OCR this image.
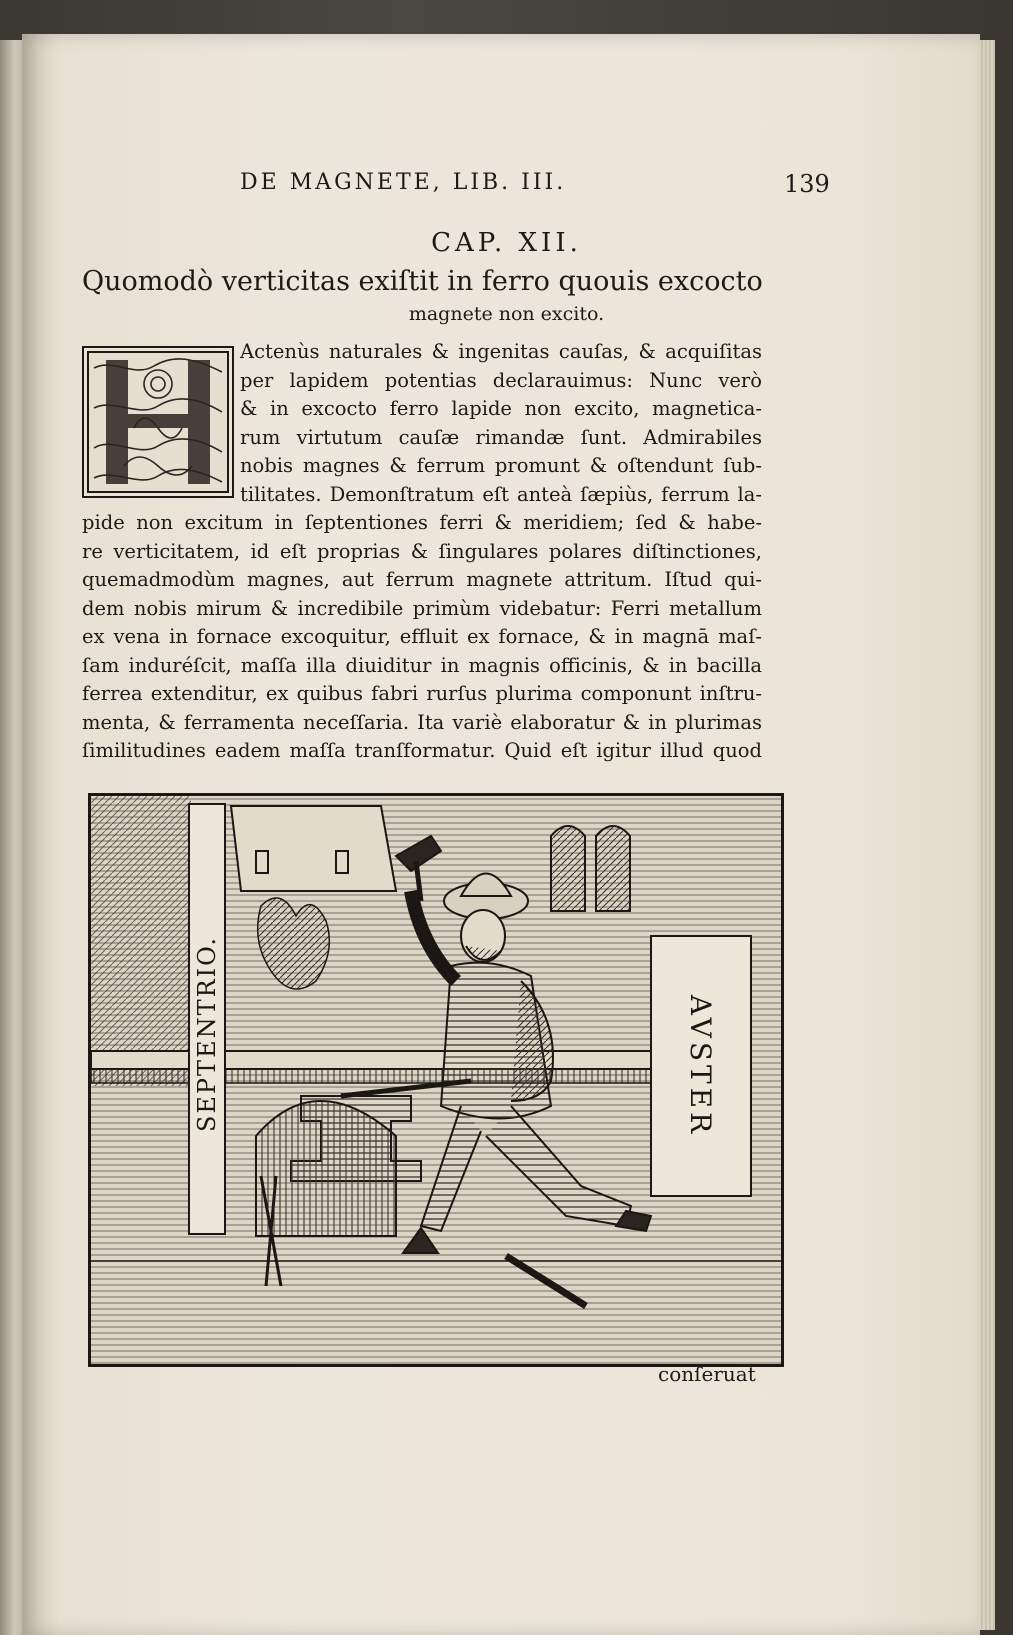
DE MAGNETE, LIB. III.	139
CAP. XII.
Quomodò verticitas exiſtit in ferro quouis excocto
magnete non excito.
H	Actenùs naturales & ingenitas cauſas, & acquiſitas
per lapidem potentias declarauimus: Nunc verò
& in excocto ferro lapide non excito, magnetica-
rum virtutum cauſæ rimandæ ſunt. Admirabiles
nobis magnes & ferrum promunt & oſtendunt ſub-
tilitates. Demonſtratum eſt anteà ſæpiùs, ferrum la-
pide non excitum in ſeptentiones ferri & meridiem; ſed & habe-
re verticitatem, id eſt proprias & ſingulares polares diſtinctiones,
quemadmodùm magnes, aut ferrum magnete attritum. Iſtud qui-
dem nobis mirum & incredibile primùm videbatur: Ferri metallum
ex vena in fornace excoquitur, effluit ex fornace, & in magnā maſ-
ſam induréſcit, maſſa illa diuiditur in magnis officinis, & in bacilla
ferrea extenditur, ex quibus fabri rurſus plurima componunt inſtru-
menta, & ferramenta neceſſaria. Ita variè elaboratur & in plurimas
ſimilitudines eadem maſſa tranſformatur. Quid eſt igitur illud quod
SEPTENTRIO.	AVSTER
conſeruat
